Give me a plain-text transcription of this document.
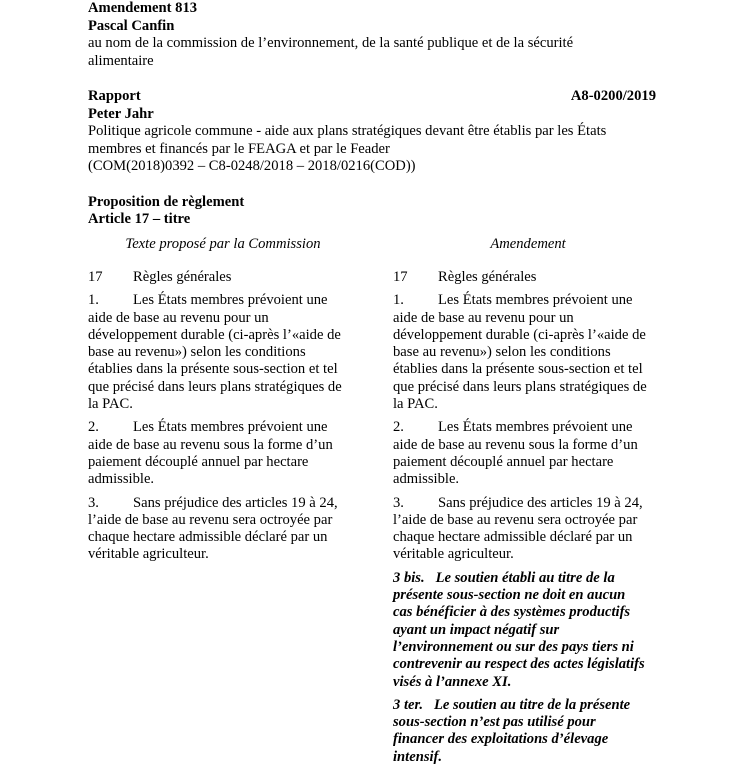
Amendement 813
Pascal Canfin
au nom de la commission de l’environnement, de la santé publique et de la sécurité
alimentaire
Rapport	A8-0200/2019
Peter Jahr
Politique agricole commune - aide aux plans stratégiques devant être établis par les États
membres et financés par le FEAGA et par le Feader
(COM(2018)0392 – C8-0248/2018 – 2018/0216(COD))
Proposition de règlement
Article 17 – titre
Texte proposé par la Commission
17 Règles générales
1. Les États membres prévoient une
aide de base au revenu pour un
développement durable (ci-après l’«aide de
base au revenu») selon les conditions
établies dans la présente sous-section et tel
que précisé dans leurs plans stratégiques de
la PAC.
2. Les États membres prévoient une
aide de base au revenu sous la forme d’un
paiement découplé annuel par hectare
admissible.
3. Sans préjudice des articles 19 à 24,
l’aide de base au revenu sera octroyée par
chaque hectare admissible déclaré par un
véritable agriculteur.
Amendement
17 Règles générales
1. Les États membres prévoient une
aide de base au revenu pour un
développement durable (ci-après l’«aide de
base au revenu») selon les conditions
établies dans la présente sous-section et tel
que précisé dans leurs plans stratégiques de
la PAC.
2. Les États membres prévoient une
aide de base au revenu sous la forme d’un
paiement découplé annuel par hectare
admissible.
3. Sans préjudice des articles 19 à 24,
l’aide de base au revenu sera octroyée par
chaque hectare admissible déclaré par un
véritable agriculteur.
3 bis.   Le soutien établi au titre de la
présente sous-section ne doit en aucun
cas bénéficier à des systèmes productifs
ayant un impact négatif sur
l’environnement ou sur des pays tiers ni
contrevenir au respect des actes législatifs
visés à l’annexe XI.
3 ter.   Le soutien au titre de la présente
sous-section n’est pas utilisé pour
financer des exploitations d’élevage
intensif.
